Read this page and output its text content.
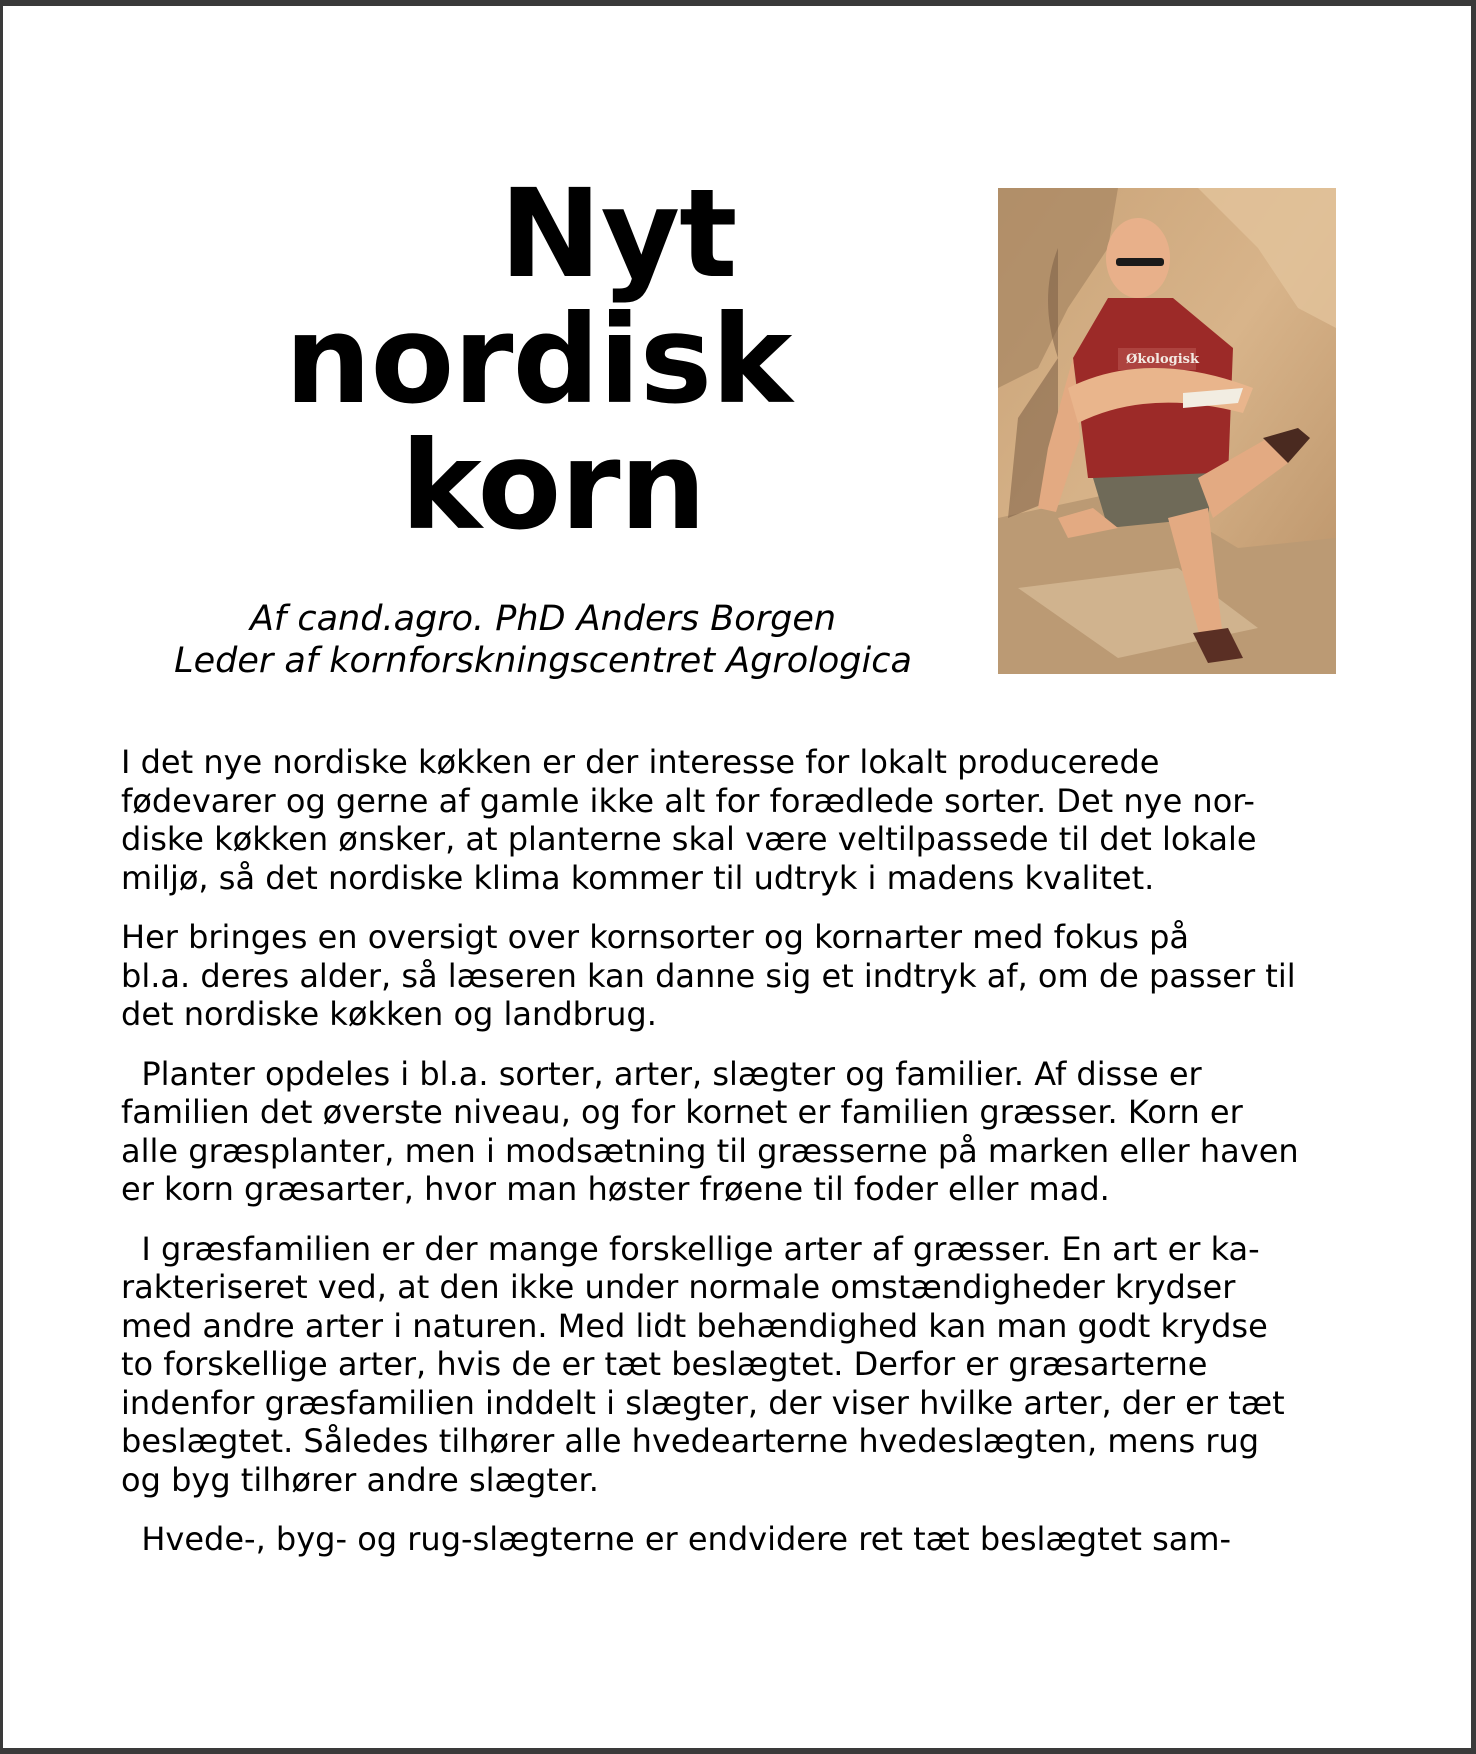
Nyt
nordisk
korn
Af cand.agro. PhD Anders Borgen
Leder af kornforskningscentret Agrologica
Økologisk

I det nye nordiske køkken er der interesse for lokalt producerede
fødevarer og gerne af gamle ikke alt for forædlede sorter. Det nye nor-
diske køkken ønsker, at planterne skal være veltilpassede til det lokale
miljø, så det nordiske klima kommer til udtryk i madens kvalitet.

Her bringes en oversigt over kornsorter og kornarter med fokus på
bl.a. deres alder, så læseren kan danne sig et indtryk af, om de passer til
det nordiske køkken og landbrug.

Planter opdeles i bl.a. sorter, arter, slægter og familier. Af disse er
familien det øverste niveau, og for kornet er familien græsser. Korn er
alle græsplanter, men i modsætning til græsserne på marken eller haven
er korn græsarter, hvor man høster frøene til foder eller mad.

I græsfamilien er der mange forskellige arter af græsser. En art er ka-
rakteriseret ved, at den ikke under normale omstændigheder krydser
med andre arter i naturen. Med lidt behændighed kan man godt krydse
to forskellige arter, hvis de er tæt beslægtet. Derfor er græsarterne
indenfor græsfamilien inddelt i slægter, der viser hvilke arter, der er tæt
beslægtet. Således tilhører alle hvedearterne hvedeslægten, mens rug
og byg tilhører andre slægter.

Hvede-, byg- og rug-slægterne er endvidere ret tæt beslægtet sam-
